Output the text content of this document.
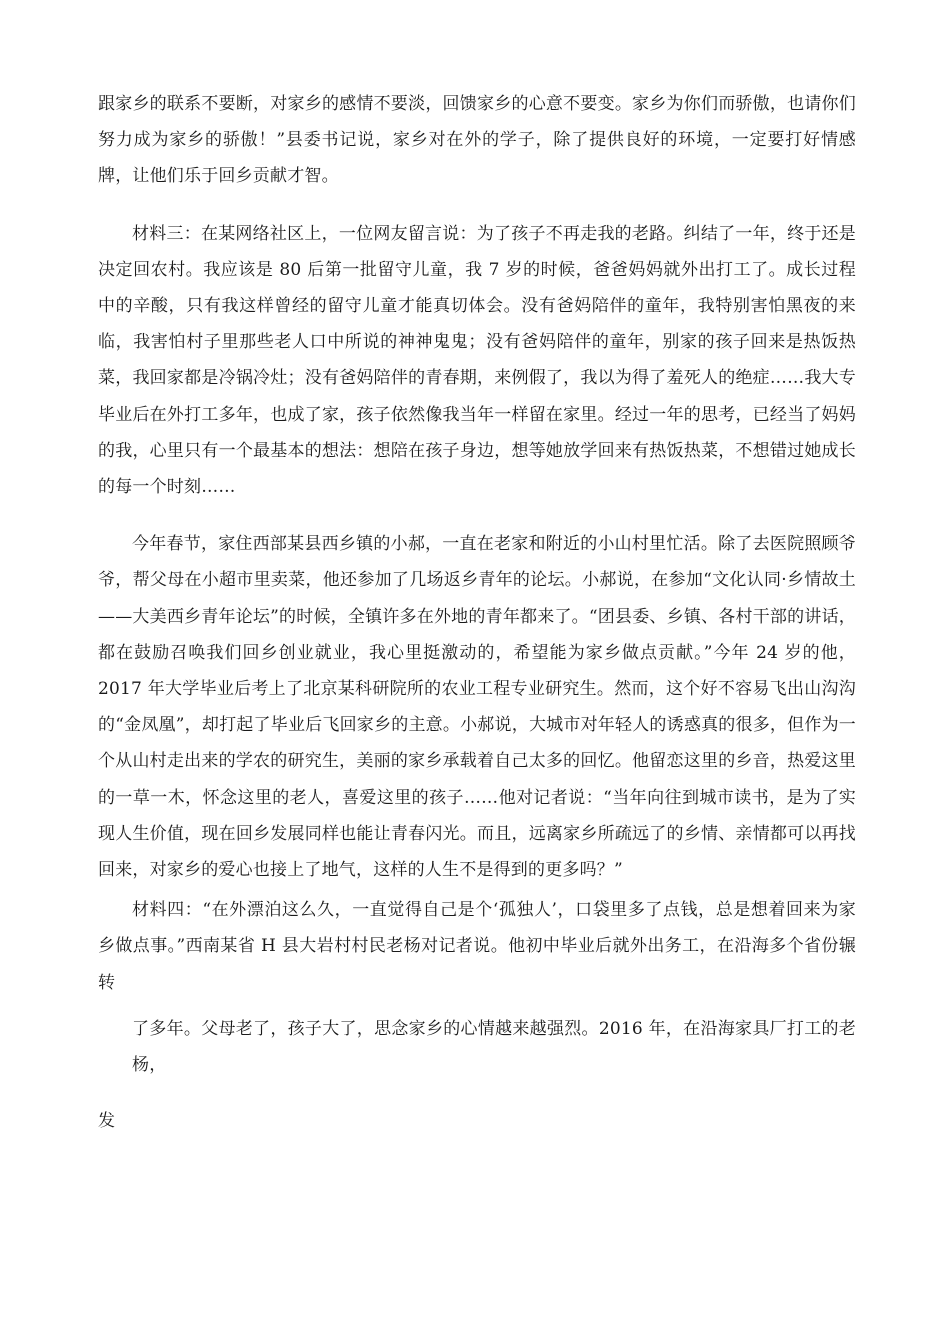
跟家乡的联系不要断，对家乡的感情不要淡，回馈家乡的心意不要变。家乡为你们而骄傲，也请你们努力成为家乡的骄傲！”县委书记说，家乡对在外的学子，除了提供良好的环境，一定要打好情感牌，让他们乐于回乡贡献才智。

材料三：在某网络社区上，一位网友留言说：为了孩子不再走我的老路。纠结了一年，终于还是决定回农村。我应该是 80 后第一批留守儿童，我 7 岁的时候，爸爸妈妈就外出打工了。成长过程中的辛酸，只有我这样曾经的留守儿童才能真切体会。没有爸妈陪伴的童年，我特别害怕黑夜的来临，我害怕村子里那些老人口中所说的神神鬼鬼；没有爸妈陪伴的童年，别家的孩子回来是热饭热菜，我回家都是冷锅冷灶；没有爸妈陪伴的青春期，来例假了，我以为得了羞死人的绝症……我大专毕业后在外打工多年，也成了家，孩子依然像我当年一样留在家里。经过一年的思考，已经当了妈妈的我，心里只有一个最基本的想法：想陪在孩子身边，想等她放学回来有热饭热菜，不想错过她成长的每一个时刻……

今年春节，家住西部某县西乡镇的小郝，一直在老家和附近的小山村里忙活。除了去医院照顾爷爷，帮父母在小超市里卖菜，他还参加了几场返乡青年的论坛。小郝说，在参加“文化认同·乡情故土——大美西乡青年论坛”的时候，全镇许多在外地的青年都来了。“团县委、乡镇、各村干部的讲话，都在鼓励召唤我们回乡创业就业，我心里挺激动的，希望能为家乡做点贡献。”今年 24 岁的他，2017 年大学毕业后考上了北京某科研院所的农业工程专业研究生。然而，这个好不容易飞出山沟沟的“金凤凰”，却打起了毕业后飞回家乡的主意。小郝说，大城市对年轻人的诱惑真的很多，但作为一个从山村走出来的学农的研究生，美丽的家乡承载着自己太多的回忆。他留恋这里的乡音，热爱这里的一草一木，怀念这里的老人，喜爱这里的孩子……他对记者说：“当年向往到城市读书，是为了实现人生价值，现在回乡发展同样也能让青春闪光。而且，远离家乡所疏远了的乡情、亲情都可以再找回来，对家乡的爱心也接上了地气，这样的人生不是得到的更多吗？”

材料四：“在外漂泊这么久，一直觉得自己是个‘孤独人’，口袋里多了点钱，总是想着回来为家乡做点事。”西南某省 H 县大岩村村民老杨对记者说。他初中毕业后就外出务工，在沿海多个省份辗转

了多年。父母老了，孩子大了，思念家乡的心情越来越强烈。2016 年，在沿海家具厂打工的老杨，

发
